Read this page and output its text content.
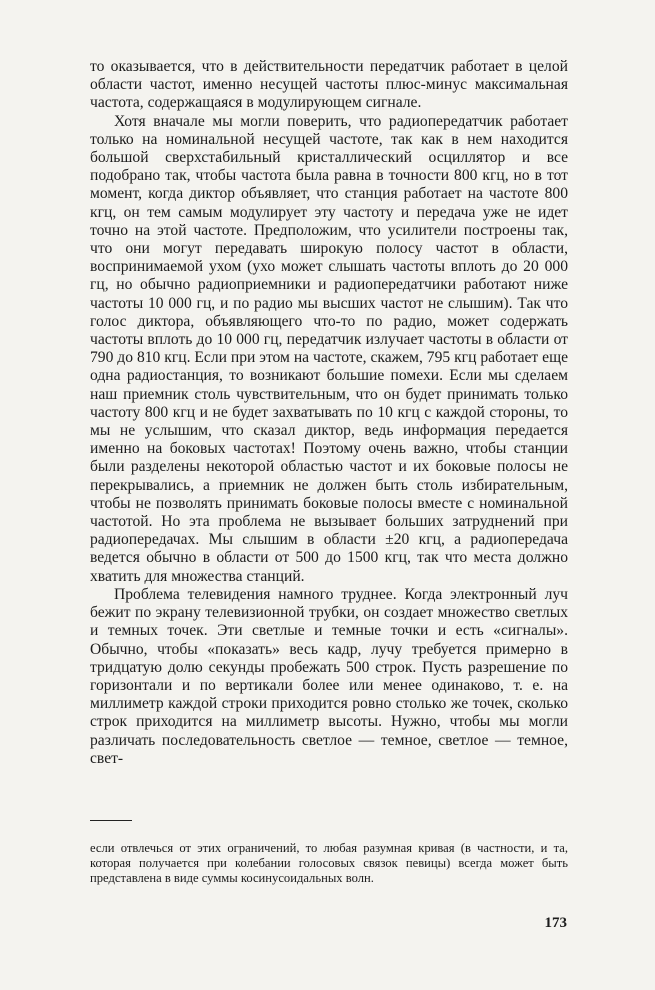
то оказывается, что в действительности передатчик работает в целой области частот, именно несущей частоты плюс-минус максимальная частота, содержащаяся в модулирующем сигнале.

Хотя вначале мы могли поверить, что радиопередатчик работает только на номинальной несущей частоте, так как в нем находится большой сверхстабильный кристаллический осциллятор и все подобрано так, чтобы частота была равна в точности 800 кгц, но в тот момент, когда диктор объявляет, что станция работает на частоте 800 кгц, он тем самым модулирует эту частоту и передача уже не идет точно на этой частоте. Предположим, что усилители построены так, что они могут передавать широкую полосу частот в области, воспринимаемой ухом (ухо может слышать частоты вплоть до 20 000 гц, но обычно радиоприемники и радиопередатчики работают ниже частоты 10 000 гц, и по радио мы высших частот не слышим). Так что голос диктора, объявляющего что-то по радио, может содержать частоты вплоть до 10 000 гц, передатчик излучает частоты в области от 790 до 810 кгц. Если при этом на частоте, скажем, 795 кгц работает еще одна радиостанция, то возникают большие помехи. Если мы сделаем наш приемник столь чувствительным, что он будет принимать только частоту 800 кгц и не будет захватывать по 10 кгц с каждой стороны, то мы не услышим, что сказал диктор, ведь информация передается именно на боковых частотах! Поэтому очень важно, чтобы станции были разделены некоторой областью частот и их боковые полосы не перекрывались, а приемник не должен быть столь избирательным, чтобы не позволять принимать боковые полосы вместе с номинальной частотой. Но эта проблема не вызывает больших затруднений при радиопередачах. Мы слышим в области ±20 кгц, а радиопередача ведется обычно в области от 500 до 1500 кгц, так что места должно хватить для множества станций.

Проблема телевидения намного труднее. Когда электронный луч бежит по экрану телевизионной трубки, он создает множество светлых и темных точек. Эти светлые и темные точки и есть «сигналы». Обычно, чтобы «показать» весь кадр, лучу требуется примерно в тридцатую долю секунды пробежать 500 строк. Пусть разрешение по горизонтали и по вертикали более или менее одинаково, т. е. на миллиметр каждой строки приходится ровно столько же точек, сколько строк приходится на миллиметр высоты. Нужно, чтобы мы могли различать последовательность светлое — темное, светлое — темное, свет-

если отвлечься от этих ограничений, то любая разумная кривая (в частности, и та, которая получается при колебании голосовых связок певицы) всегда может быть представлена в виде суммы косинусоидальных волн.

173
